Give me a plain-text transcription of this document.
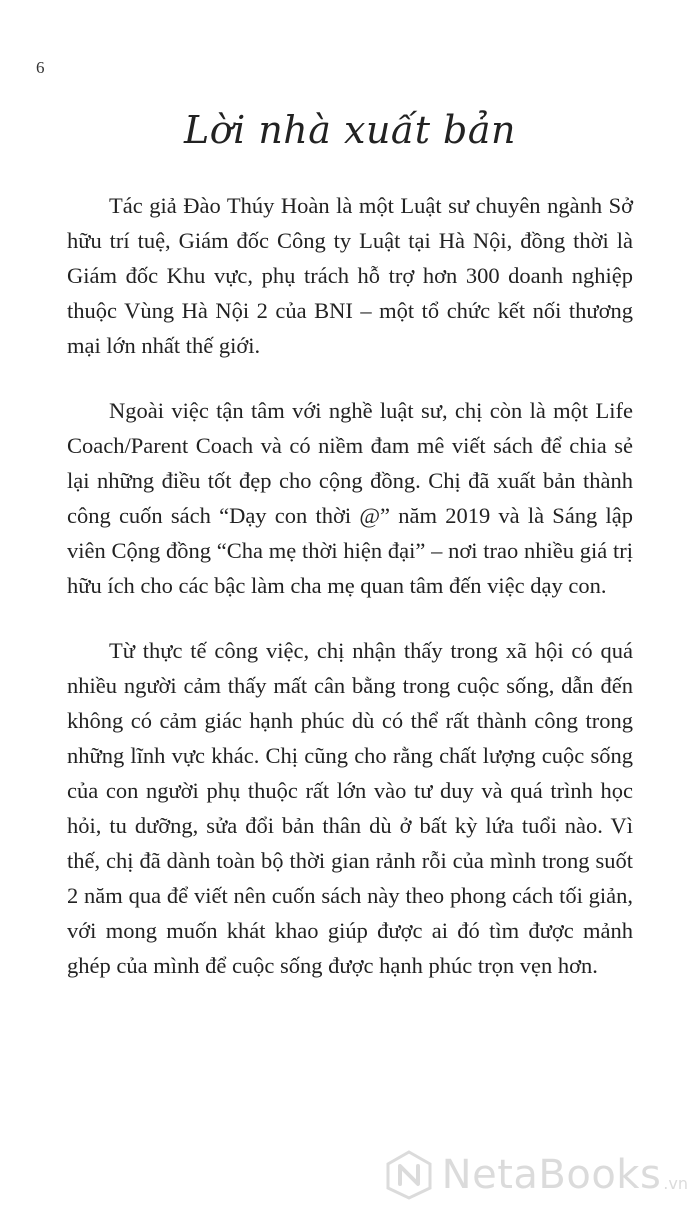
6
Lời nhà xuất bản

Tác giả Đào Thúy Hoàn là một Luật sư chuyên ngành Sở hữu trí tuệ, Giám đốc Công ty Luật tại Hà Nội, đồng thời là Giám đốc Khu vực, phụ trách hỗ trợ hơn 300 doanh nghiệp thuộc Vùng Hà Nội 2 của BNI – một tổ chức kết nối thương mại lớn nhất thế giới.

Ngoài việc tận tâm với nghề luật sư, chị còn là một Life Coach/Parent Coach và có niềm đam mê viết sách để chia sẻ lại những điều tốt đẹp cho cộng đồng. Chị đã xuất bản thành công cuốn sách “Dạy con thời @” năm 2019 và là Sáng lập viên Cộng đồng “Cha mẹ thời hiện đại” – nơi trao nhiều giá trị hữu ích cho các bậc làm cha mẹ quan tâm đến việc dạy con.

Từ thực tế công việc, chị nhận thấy trong xã hội có quá nhiều người cảm thấy mất cân bằng trong cuộc sống, dẫn đến không có cảm giác hạnh phúc dù có thể rất thành công trong những lĩnh vực khác. Chị cũng cho rằng chất lượng cuộc sống của con người phụ thuộc rất lớn vào tư duy và quá trình học hỏi, tu dưỡng, sửa đổi bản thân dù ở bất kỳ lứa tuổi nào. Vì thế, chị đã dành toàn bộ thời gian rảnh rỗi của mình trong suốt 2 năm qua để viết nên cuốn sách này theo phong cách tối giản, với mong muốn khát khao giúp được ai đó tìm được mảnh ghép của mình để cuộc sống được hạnh phúc trọn vẹn hơn.

NetaBooks .vn
